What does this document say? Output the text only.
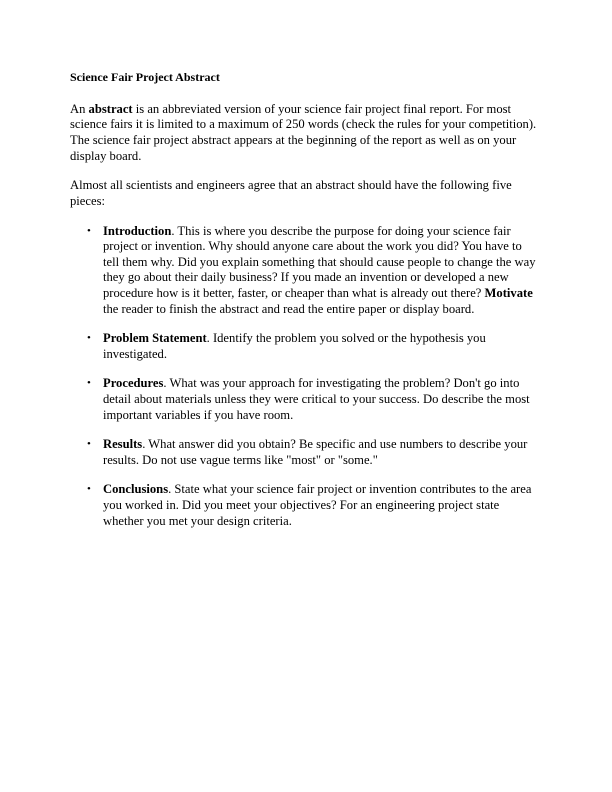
Science Fair Project Abstract

An abstract is an abbreviated version of your science fair project final report. For most science fairs it is limited to a maximum of 250 words (check the rules for your competition). The science fair project abstract appears at the beginning of the report as well as on your display board.

Almost all scientists and engineers agree that an abstract should have the following five pieces:

• Introduction. This is where you describe the purpose for doing your science fair project or invention. Why should anyone care about the work you did? You have to tell them why. Did you explain something that should cause people to change the way they go about their daily business? If you made an invention or developed a new procedure how is it better, faster, or cheaper than what is already out there? Motivate the reader to finish the abstract and read the entire paper or display board.
• Problem Statement. Identify the problem you solved or the hypothesis you investigated.
• Procedures. What was your approach for investigating the problem? Don't go into detail about materials unless they were critical to your success. Do describe the most important variables if you have room.
• Results. What answer did you obtain? Be specific and use numbers to describe your results. Do not use vague terms like "most" or "some."
• Conclusions. State what your science fair project or invention contributes to the area you worked in. Did you meet your objectives? For an engineering project state whether you met your design criteria.
